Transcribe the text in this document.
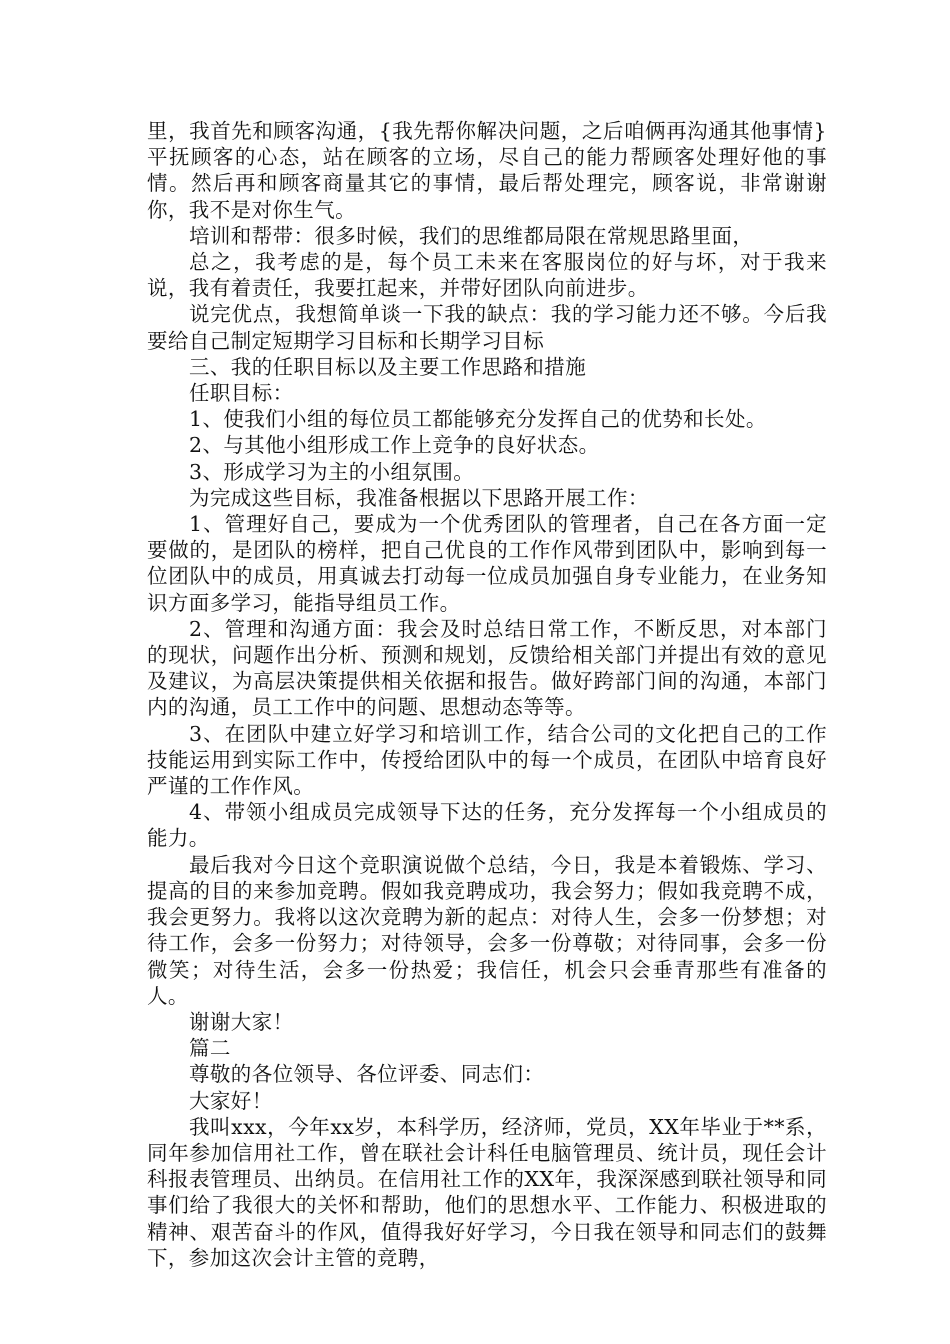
里，我首先和顾客沟通，{我先帮你解决问题，之后咱俩再沟通其他事情}平抚顾客的心态，站在顾客的立场，尽自己的能力帮顾客处理好他的事情。然后再和顾客商量其它的事情，最后帮处理完，顾客说，非常谢谢你，我不是对你生气。

培训和帮带：很多时候，我们的思维都局限在常规思路里面，

总之，我考虑的是，每个员工未来在客服岗位的好与坏，对于我来说，我有着责任，我要扛起来，并带好团队向前进步。

说完优点，我想简单谈一下我的缺点：我的学习能力还不够。今后我要给自己制定短期学习目标和长期学习目标

三、我的任职目标以及主要工作思路和措施

任职目标：

1、使我们小组的每位员工都能够充分发挥自己的优势和长处。

2、与其他小组形成工作上竞争的良好状态。

3、形成学习为主的小组氛围。

为完成这些目标，我准备根据以下思路开展工作：

1、管理好自己，要成为一个优秀团队的管理者，自己在各方面一定要做的，是团队的榜样，把自己优良的工作作风带到团队中，影响到每一位团队中的成员，用真诚去打动每一位成员加强自身专业能力，在业务知识方面多学习，能指导组员工作。

2、管理和沟通方面：我会及时总结日常工作，不断反思，对本部门的现状，问题作出分析、预测和规划，反馈给相关部门并提出有效的意见及建议，为高层决策提供相关依据和报告。做好跨部门间的沟通，本部门内的沟通，员工工作中的问题、思想动态等等。

3、在团队中建立好学习和培训工作，结合公司的文化把自己的工作技能运用到实际工作中，传授给团队中的每一个成员，在团队中培育良好严谨的工作作风。

4、带领小组成员完成领导下达的任务，充分发挥每一个小组成员的能力。

最后我对今日这个竞职演说做个总结，今日，我是本着锻炼、学习、提高的目的来参加竞聘。假如我竞聘成功，我会努力；假如我竞聘不成，我会更努力。我将以这次竞聘为新的起点：对待人生，会多一份梦想；对待工作，会多一份努力；对待领导，会多一份尊敬；对待同事，会多一份微笑；对待生活，会多一份热爱；我信任，机会只会垂青那些有准备的人。

谢谢大家！

篇二

尊敬的各位领导、各位评委、同志们：

大家好！

我叫xxx，今年xx岁，本科学历，经济师，党员，XX年毕业于**系，同年参加信用社工作，曾在联社会计科任电脑管理员、统计员，现任会计科报表管理员、出纳员。在信用社工作的XX年，我深深感到联社领导和同事们给了我很大的关怀和帮助，他们的思想水平、工作能力、积极进取的精神、艰苦奋斗的作风，值得我好好学习，今日我在领导和同志们的鼓舞下，参加这次会计主管的竞聘，
